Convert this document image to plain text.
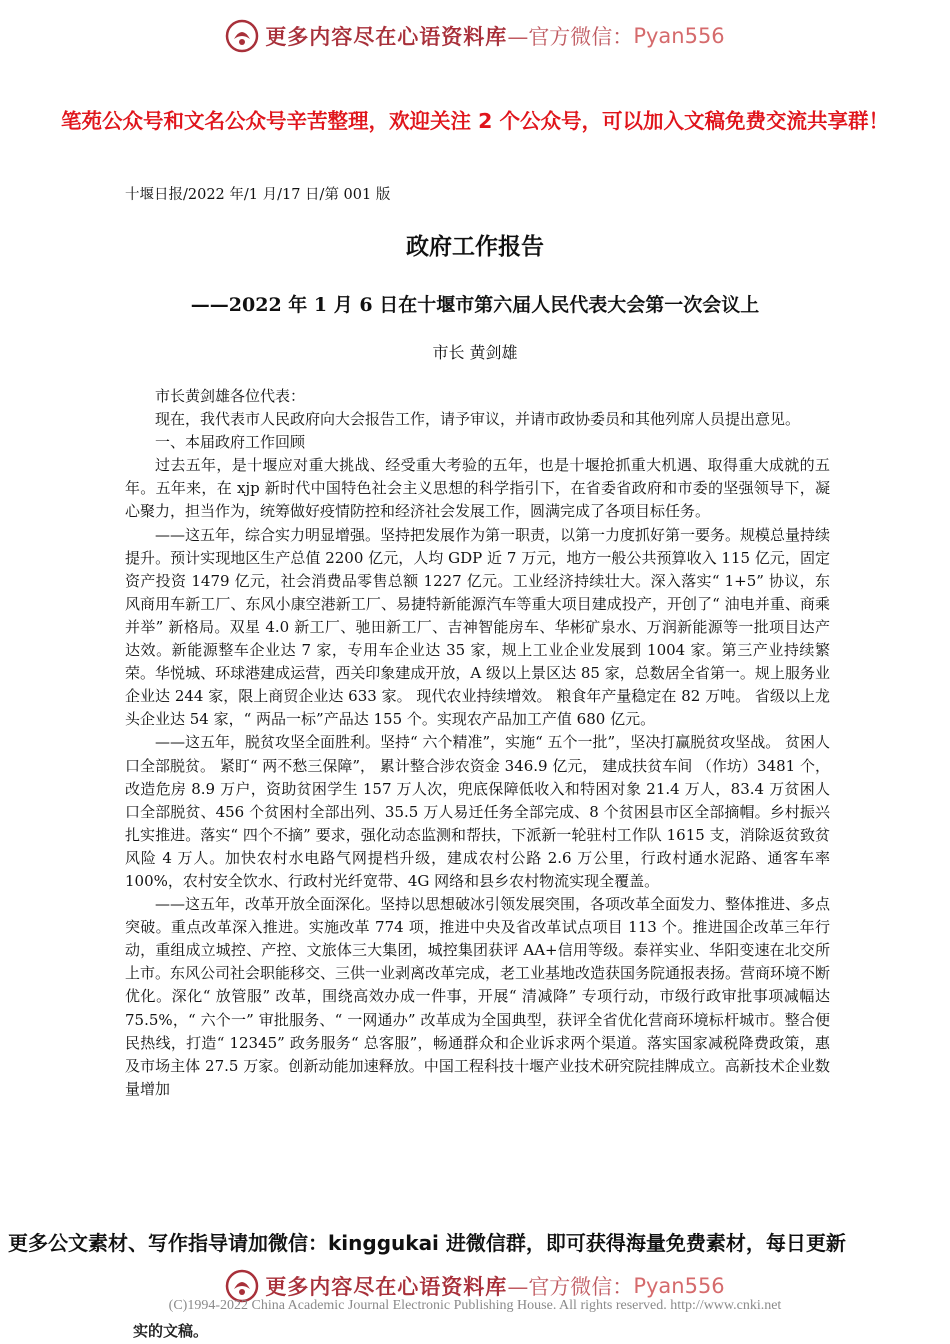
更多内容尽在心语资料库 —官方微信： Pyan556
笔苑公众号和文名公众号辛苦整理，欢迎关注 2 个公众号，可以加入文稿免费交流共享群！
十堰日报/2022 年/1 月/17 日/第 001 版
政府工作报告
——2022 年 1 月 6 日在十堰市第六届人民代表大会第一次会议上
市长 黄剑雄

市长黄剑雄各位代表：

现在，我代表市人民政府向大会报告工作，请予审议，并请市政协委员和其他列席人员提出意见。

一、本届政府工作回顾

过去五年，是十堰应对重大挑战、经受重大考验的五年，也是十堰抢抓重大机遇、取得重大成就的五年。五年来，在 xjp 新时代中国特色社会主义思想的科学指引下，在省委省政府和市委的坚强领导下，凝心聚力，担当作为，统筹做好疫情防控和经济社会发展工作，圆满完成了各项目标任务。

——这五年，综合实力明显增强。坚持把发展作为第一职责，以第一力度抓好第一要务。规模总量持续提升。预计实现地区生产总值 2200 亿元，人均 GDP 近 7 万元，地方一般公共预算收入 115 亿元，固定资产投资 1479 亿元，社会消费品零售总额 1227 亿元。工业经济持续壮大。深入落实“ 1+5” 协议，东风商用车新工厂、东风小康空港新工厂、易捷特新能源汽车等重大项目建成投产，开创了“ 油电并重、商乘并举” 新格局。双星 4.0 新工厂、驰田新工厂、吉神智能房车、华彬矿泉水、万润新能源等一批项目达产达效。新能源整车企业达 7 家，专用车企业达 35 家，规上工业企业发展到 1004 家。第三产业持续繁荣。华悦城、环球港建成运营，西关印象建成开放，A 级以上景区达 85 家，总数居全省第一。规上服务业企业达 244 家，限上商贸企业达 633 家。 现代农业持续增效。 粮食年产量稳定在 82 万吨。 省级以上龙头企业达 54 家，“ 两品一标”产品达 155 个。实现农产品加工产值 680 亿元。

——这五年，脱贫攻坚全面胜利。坚持“ 六个精准”，实施“ 五个一批”，坚决打赢脱贫攻坚战。 贫困人口全部脱贫。 紧盯“ 两不愁三保障”， 累计整合涉农资金 346.9 亿元， 建成扶贫车间 （作坊）3481 个，改造危房 8.9 万户，资助贫困学生 157 万人次，兜底保障低收入和特困对象 21.4 万人，83.4 万贫困人口全部脱贫、456 个贫困村全部出列、35.5 万人易迁任务全部完成、8 个贫困县市区全部摘帽。乡村振兴扎实推进。落实“ 四个不摘” 要求，强化动态监测和帮扶，下派新一轮驻村工作队 1615 支，消除返贫致贫风险 4 万人。加快农村水电路气网提档升级，建成农村公路 2.6 万公里，行政村通水泥路、通客车率 100%，农村安全饮水、行政村光纤宽带、4G 网络和县乡农村物流实现全覆盖。

——这五年，改革开放全面深化。坚持以思想破冰引领发展突围，各项改革全面发力、整体推进、多点突破。重点改革深入推进。实施改革 774 项，推进中央及省改革试点项目 113 个。推进国企改革三年行动，重组成立城控、产控、文旅体三大集团，城控集团获评 AA+信用等级。泰祥实业、华阳变速在北交所上市。东风公司社会职能移交、三供一业剥离改革完成，老工业基地改造获国务院通报表扬。营商环境不断优化。深化“ 放管服” 改革，围绕高效办成一件事，开展“ 清减降” 专项行动，市级行政审批事项减幅达 75.5%，“ 六个一” 审批服务、“ 一网通办” 改革成为全国典型，获评全省优化营商环境标杆城市。整合便民热线，打造“ 12345” 政务服务“ 总客服”，畅通群众和企业诉求两个渠道。落实国家减税降费政策，惠及市场主体 27.5 万家。创新动能加速释放。中国工程科技十堰产业技术研究院挂牌成立。高新技术企业数量增加

更多公文素材、写作指导请加微信：kinggukai 进微信群，即可获得海量免费素材，每日更新
更多内容尽在心语资料库 —官方微信： Pyan556
(C)1994-2022 China Academic Journal Electronic Publishing House. All rights reserved. http://www.cnki.net
实的文稿。
